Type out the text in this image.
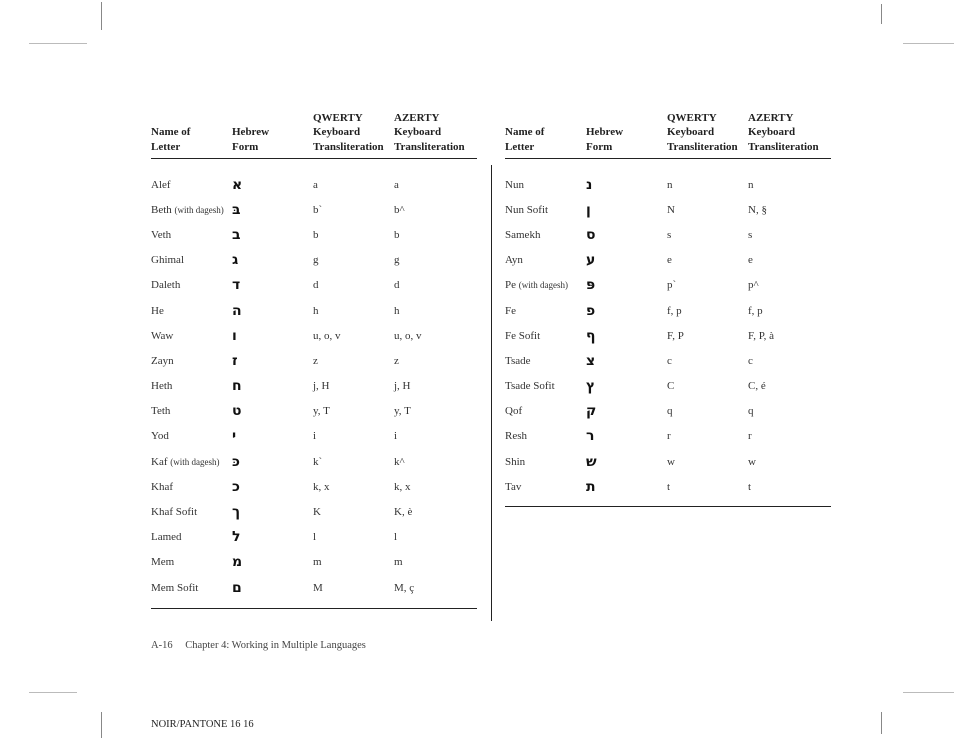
Name of
Letter
Hebrew
Form
QWERTY
Keyboard
Transliteration
AZERTY
Keyboard
Transliteration
Alef	א	a	a
Beth (with dagesh) בּ	b`	b^
Veth	ב	b	b
Ghimal	ג	g	g
Daleth	ד	d	d
He	ה	h	h
Waw	ו	u, o, v	u, o, v
Zayn	ז	z	z
Heth	ח	j, H	j, H
Teth	ט	y, T	y, T
Yod	י	i	i
Kaf (with dagesh) כּ	k`	k^
Khaf	כ	k, x	k, x
Khaf Sofit	ך	K	K, è
Lamed	ל	l	l
Mem	מ	m	m
Mem Sofit	ם	M	M, ç
Name of
Letter
Hebrew
Form
QWERTY
Keyboard
Transliteration
AZERTY
Keyboard
Transliteration
Nun	נ	n	n
Nun Sofit	ן	N	N, §
Samekh	ס	s	s
Ayn	ע	e	e
Pe (with dagesh)	פּ	p`	p^
Fe	פ	f, p	f, p
Fe Sofit	ף	F, P	F, P, à
Tsade	צ	c	c
Tsade Sofit	ץ	C	C, é
Qof	ק	q	q
Resh	ר	r	r
Shin	ש	w	w
Tav	ת	t	t
A-16 Chapter 4: Working in Multiple Languages
NOIR/PANTONE 16 16
